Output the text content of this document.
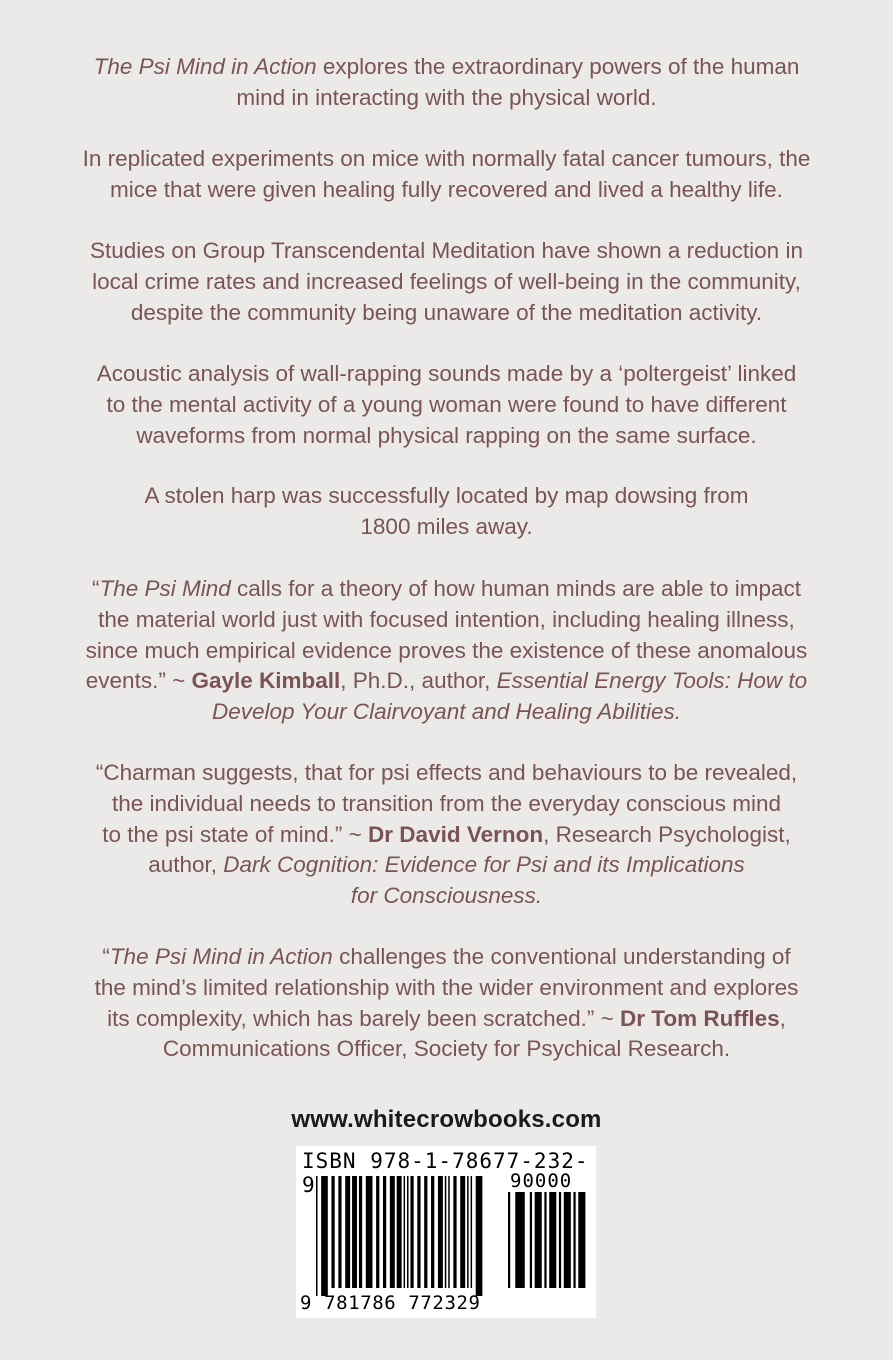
The Psi Mind in Action explores the extraordinary powers of the human
mind in interacting with the physical world.

In replicated experiments on mice with normally fatal cancer tumours, the
mice that were given healing fully recovered and lived a healthy life.

Studies on Group Transcendental Meditation have shown a reduction in
local crime rates and increased feelings of well-being in the community,
despite the community being unaware of the meditation activity.

Acoustic analysis of wall-rapping sounds made by a ‘poltergeist’ linked
to the mental activity of a young woman were found to have different
waveforms from normal physical rapping on the same surface.

A stolen harp was successfully located by map dowsing from
1800 miles away.

“The Psi Mind calls for a theory of how human minds are able to impact
the material world just with focused intention, including healing illness,
since much empirical evidence proves the existence of these anomalous
events.” ~ Gayle Kimball, Ph.D., author, Essential Energy Tools: How to
Develop Your Clairvoyant and Healing Abilities.

“Charman suggests, that for psi effects and behaviours to be revealed,
the individual needs to transition from the everyday conscious mind
to the psi state of mind.” ~ Dr David Vernon, Research Psychologist,
author, Dark Cognition: Evidence for Psi and its Implications
for Consciousness.

“The Psi Mind in Action challenges the conventional understanding of
the mind’s limited relationship with the wider environment and explores
its complexity, which has barely been scratched.” ~ Dr Tom Ruffles,
Communications Officer, Society for Psychical Research.

www.whitecrowbooks.com
ISBN 978-1-78677-232-9	90000
9 781786 772329
